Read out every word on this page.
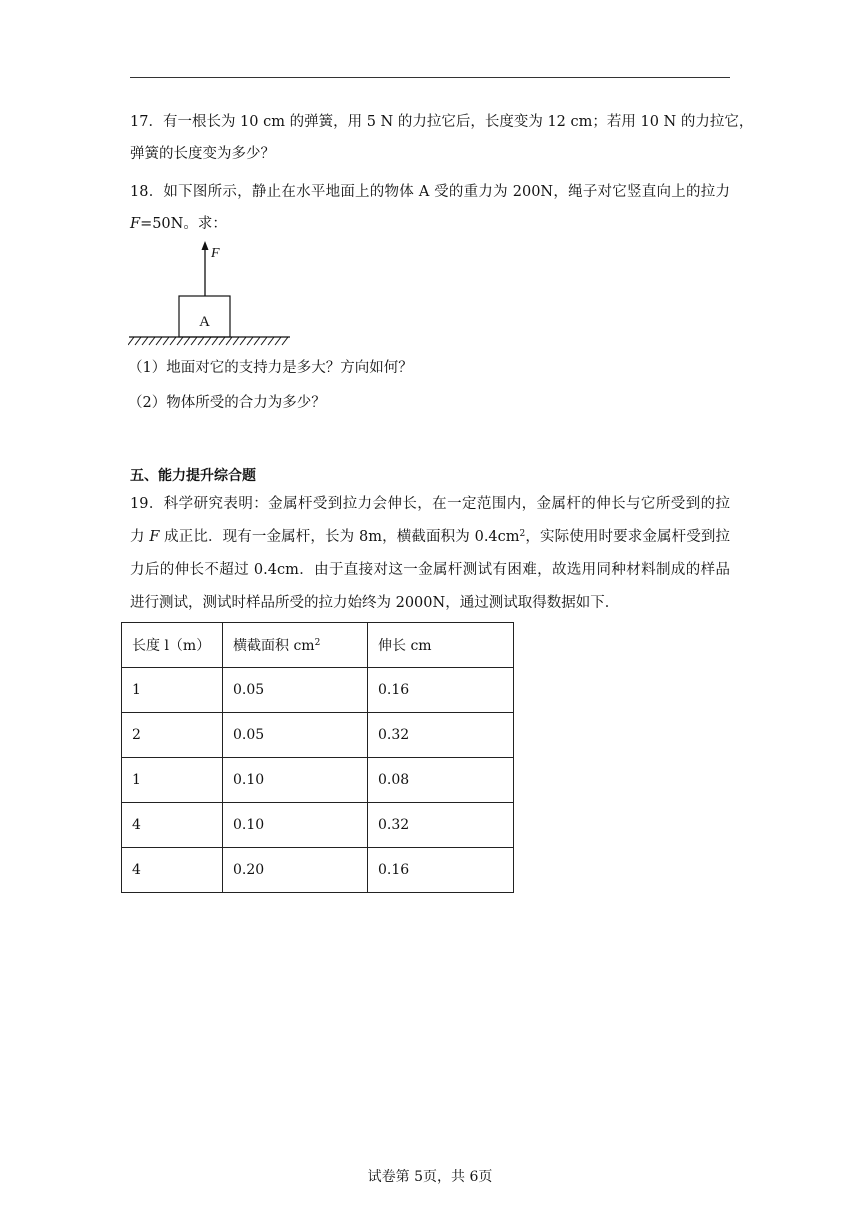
17．有一根长为 10 cm 的弹簧，用 5 N 的力拉它后，长度变为 12 cm；若用 10 N 的力拉它，
弹簧的长度变为多少？
18．如下图所示，静止在水平地面上的物体 A 受的重力为 200N，绳子对它竖直向上的拉力
F=50N。求：
F
A
（1）地面对它的支持力是多大？方向如何？
（2）物体所受的合力为多少？
五、能力提升综合题
19．科学研究表明：金属杆受到拉力会伸长，在一定范围内，金属杆的伸长与它所受到的拉
力 F 成正比．现有一金属杆，长为 8m，横截面积为 $0.4cm^2$，实际使用时要求金属杆受到拉
力后的伸长不超过 0.4cm．由于直接对这一金属杆测试有困难，故选用同种材料制成的样品
进行测试，测试时样品所受的拉力始终为 2000N，通过测试取得数据如下．
长度 l（m）	横截面积 $cm^2$	伸长 cm
1	0.05	0.16
2	0.05	0.32
1	0.10	0.08
4	0.10	0.32
4	0.20	0.16
试卷第 5页，共 6页
